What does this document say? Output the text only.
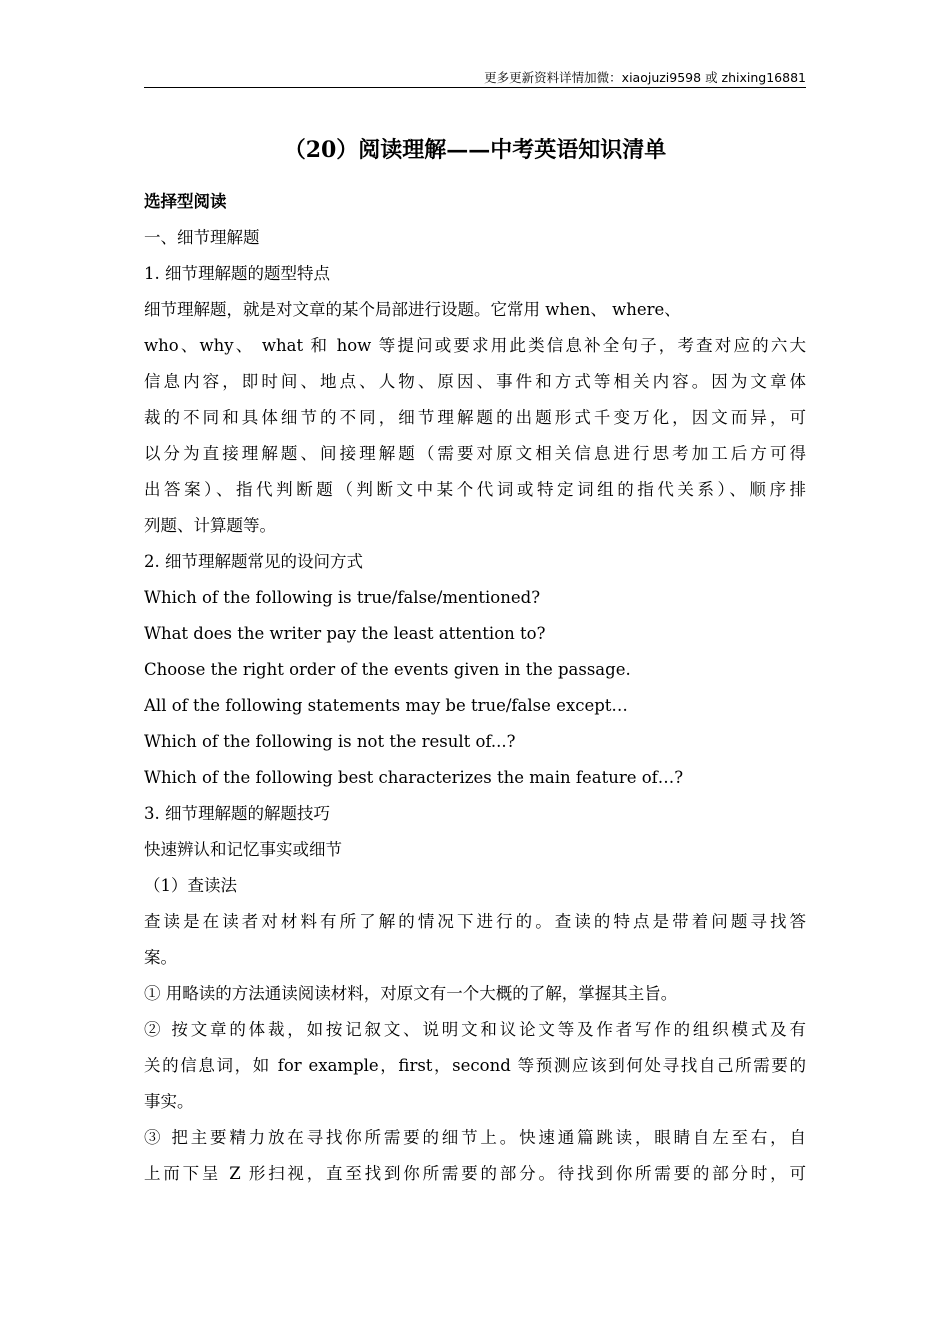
更多更新资料详情加微：xiaojuzi9598 或 zhixing16881
（20）阅读理解——中考英语知识清单
选择型阅读
一、细节理解题
1. 细节理解题的题型特点
细节理解题，就是对文章的某个局部进行设题。它常用 when、 where、
who、why、 what 和 how 等提问或要求用此类信息补全句子，考查对应的六大
信息内容，即时间、地点、人物、原因、事件和方式等相关内容。因为文章体
裁的不同和具体细节的不同，细节理解题的出题形式千变万化，因文而异，可
以分为直接理解题、间接理解题（需要对原文相关信息进行思考加工后方可得
出答案）、指代判断题（判断文中某个代词或特定词组的指代关系）、顺序排
列题、计算题等。
2. 细节理解题常见的设问方式
Which of the following is true/false/mentioned?
What does the writer pay the least attention to?
Choose the right order of the events given in the passage.
All of the following statements may be true/false except…
Which of the following is not the result of...?
Which of the following best characterizes the main feature of…?
3. 细节理解题的解题技巧
快速辨认和记忆事实或细节
（1）查读法
查读是在读者对材料有所了解的情况下进行的。查读的特点是带着问题寻找答
案。
① 用略读的方法通读阅读材料，对原文有一个大概的了解，掌握其主旨。
② 按文章的体裁，如按记叙文、说明文和议论文等及作者写作的组织模式及有
关的信息词，如 for example，first，second 等预测应该到何处寻找自己所需要的
事实。
③ 把主要精力放在寻找你所需要的细节上。快速通篇跳读，眼睛自左至右，自
上而下呈 Z 形扫视，直至找到你所需要的部分。待找到你所需要的部分时，可
